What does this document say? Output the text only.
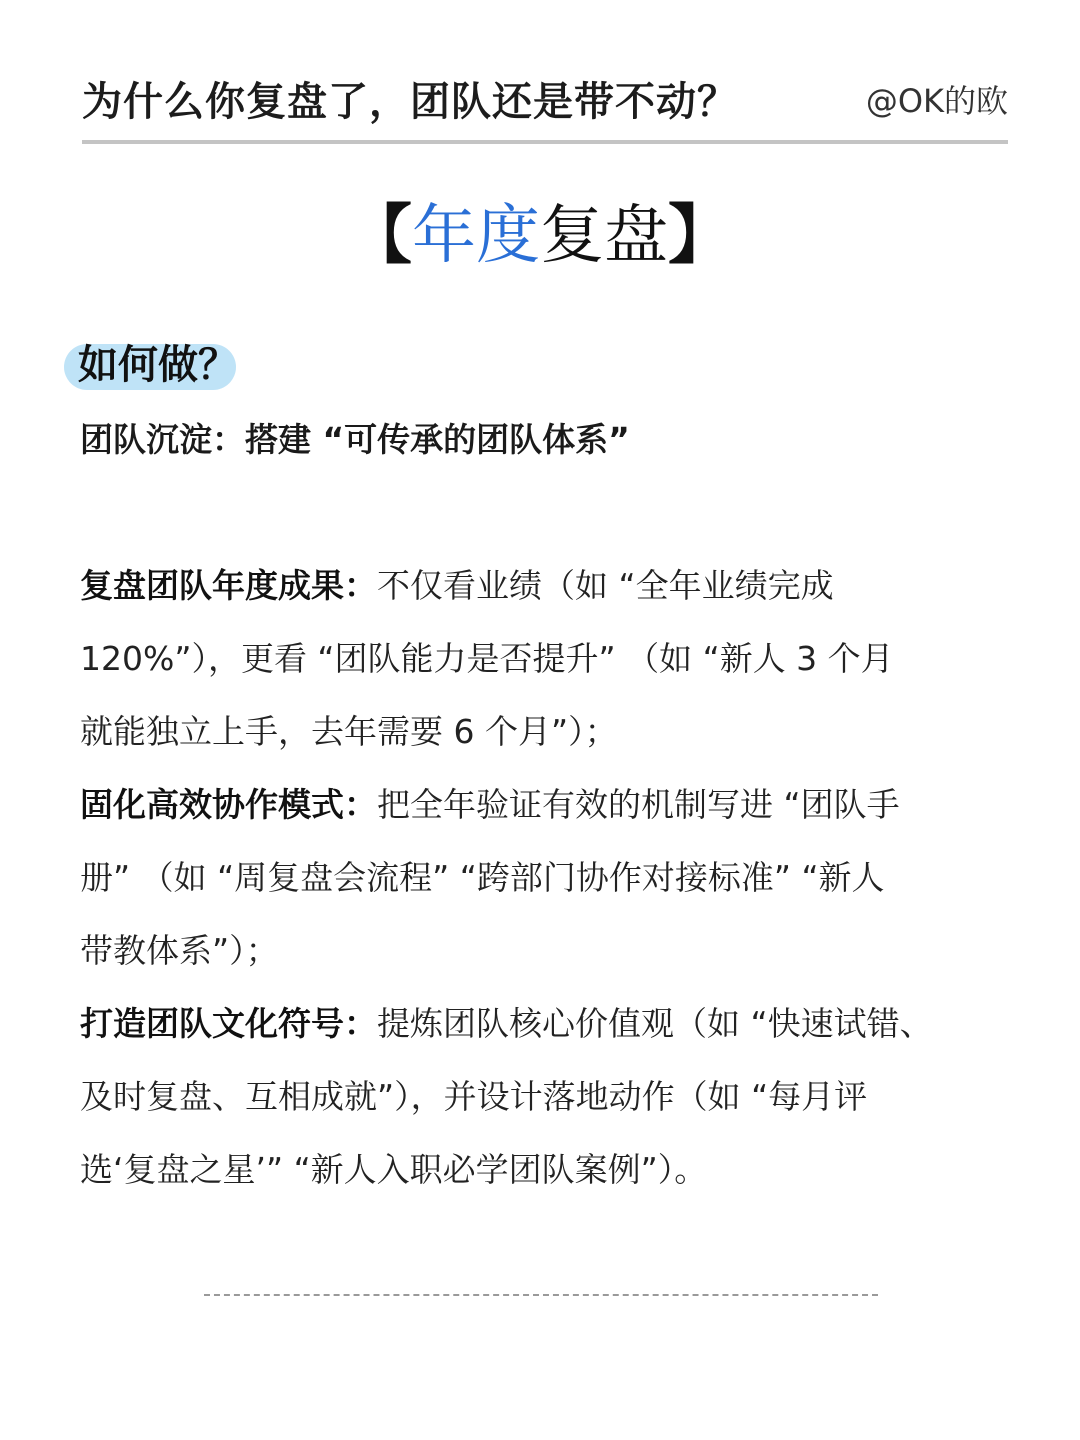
为什么你复盘了，团队还是带不动？	@OK的欧
【年度复盘】
如何做？
团队沉淀：搭建 “可传承的团队体系”
复盘团队年度成果：不仅看业绩（如 “全年业绩完成
120%”），更看 “团队能力是否提升” （如 “新人 3 个月
就能独立上手，去年需要 6 个月”）；
固化高效协作模式：把全年验证有效的机制写进 “团队手
册” （如 “周复盘会流程” “跨部门协作对接标准” “新人
带教体系”）；
打造团队文化符号：提炼团队核心价值观（如 “快速试错、
及时复盘、互相成就”），并设计落地动作（如 “每月评
选‘复盘之星’” “新人入职必学团队案例”）。
